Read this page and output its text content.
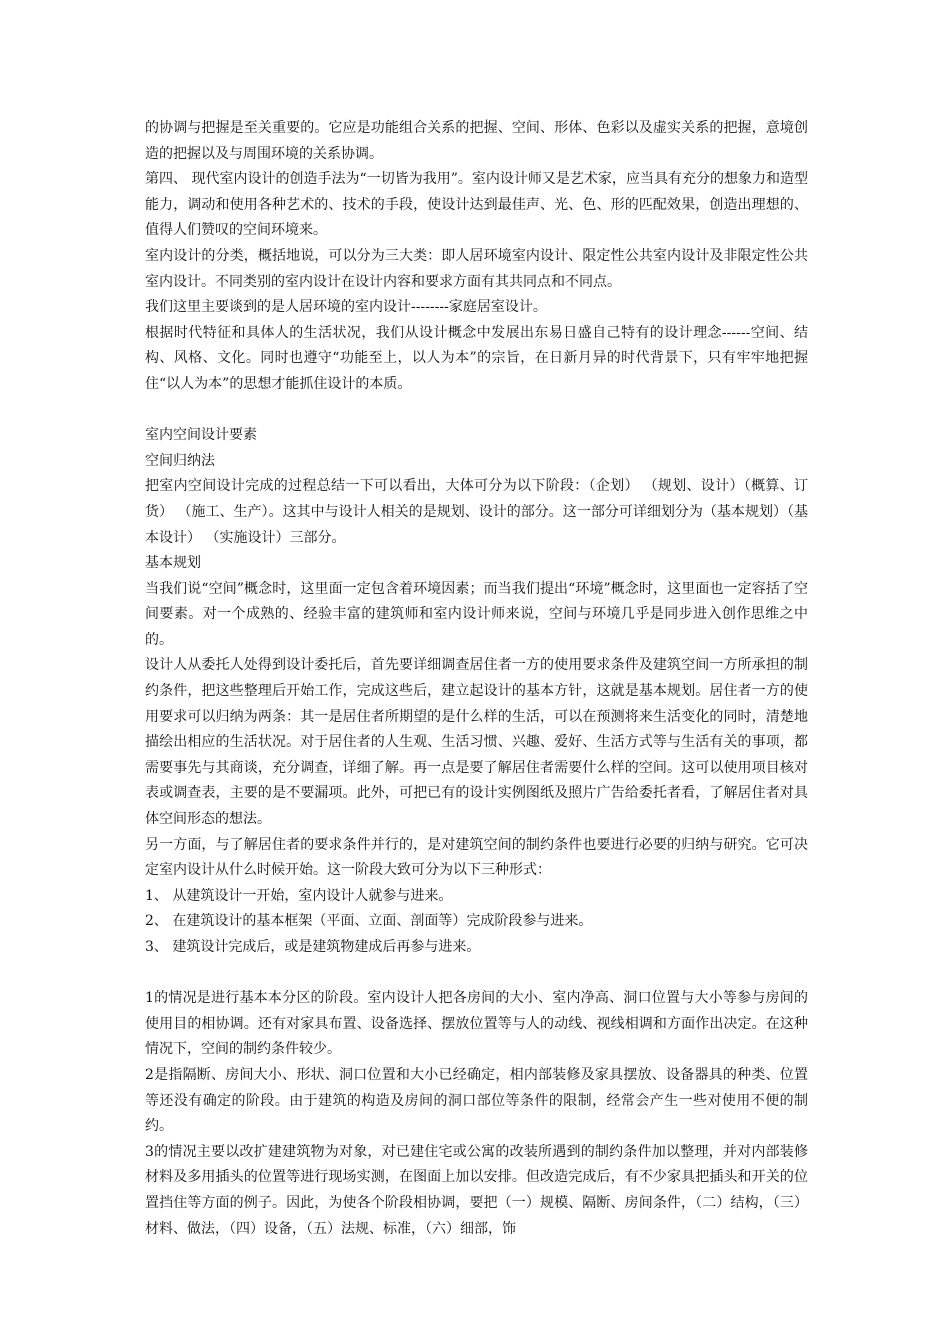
的协调与把握是至关重要的。它应是功能组合关系的把握、空间、形体、色彩以及虚实关系的把握，意境创造的把握以及与周围环境的关系协调。

第四、 现代室内设计的创造手法为“一切皆为我用”。室内设计师又是艺术家，应当具有充分的想象力和造型能力，调动和使用各种艺术的、技术的手段，使设计达到最佳声、光、色、形的匹配效果，创造出理想的、值得人们赞叹的空间环境来。

室内设计的分类，概括地说，可以分为三大类：即人居环境室内设计、限定性公共室内设计及非限定性公共室内设计。不同类别的室内设计在设计内容和要求方面有其共同点和不同点。

我们这里主要谈到的是人居环境的室内设计--------家庭居室设计。

根据时代特征和具体人的生活状况，我们从设计概念中发展出东易日盛自己特有的设计理念------空间、结构、风格、文化。同时也遵守“功能至上，以人为本”的宗旨，在日新月异的时代背景下，只有牢牢地把握住“以人为本”的思想才能抓住设计的本质。

室内空间设计要素

空间归纳法

把室内空间设计完成的过程总结一下可以看出，大体可分为以下阶段：（企划） （规划、设计）（概算、订货） （施工、生产）。这其中与设计人相关的是规划、设计的部分。这一部分可详细划分为（基本规划）（基本设计） （实施设计）三部分。

基本规划

当我们说“空间”概念时，这里面一定包含着环境因素；而当我们提出“环境”概念时，这里面也一定容括了空间要素。对一个成熟的、经验丰富的建筑师和室内设计师来说，空间与环境几乎是同步进入创作思维之中的。

设计人从委托人处得到设计委托后，首先要详细调查居住者一方的使用要求条件及建筑空间一方所承担的制约条件，把这些整理后开始工作，完成这些后，建立起设计的基本方针，这就是基本规划。居住者一方的使用要求可以归纳为两条：其一是居住者所期望的是什么样的生活，可以在预测将来生活变化的同时，清楚地描绘出相应的生活状况。对于居住者的人生观、生活习惯、兴趣、爱好、生活方式等与生活有关的事项，都需要事先与其商谈，充分调查，详细了解。再一点是要了解居住者需要什么样的空间。这可以使用项目核对表或调查表，主要的是不要漏项。此外，可把已有的设计实例图纸及照片广告给委托者看，了解居住者对具体空间形态的想法。

另一方面，与了解居住者的要求条件并行的，是对建筑空间的制约条件也要进行必要的归纳与研究。它可决定室内设计从什么时候开始。这一阶段大致可分为以下三种形式：

1、 从建筑设计一开始，室内设计人就参与进来。

2、 在建筑设计的基本框架（平面、立面、剖面等）完成阶段参与进来。

3、 建筑设计完成后，或是建筑物建成后再参与进来。

1的情况是进行基本本分区的阶段。室内设计人把各房间的大小、室内净高、洞口位置与大小等参与房间的使用目的相协调。还有对家具布置、设备选择、摆放位置等与人的动线、视线相调和方面作出决定。在这种情况下，空间的制约条件较少。

2是指隔断、房间大小、形状、洞口位置和大小已经确定，相内部装修及家具摆放、设备器具的种类、位置等还没有确定的阶段。由于建筑的构造及房间的洞口部位等条件的限制，经常会产生一些对使用不便的制约。

3的情况主要以改扩建建筑物为对象，对已建住宅或公寓的改装所遇到的制约条件加以整理，并对内部装修材料及多用插头的位置等进行现场实测，在图面上加以安排。但改造完成后，有不少家具把插头和开关的位置挡住等方面的例子。因此，为使各个阶段相协调，要把（一）规模、隔断、房间条件，（二）结构，（三）材料、做法，（四）设备，（五）法规、标准，（六）细部，饰
